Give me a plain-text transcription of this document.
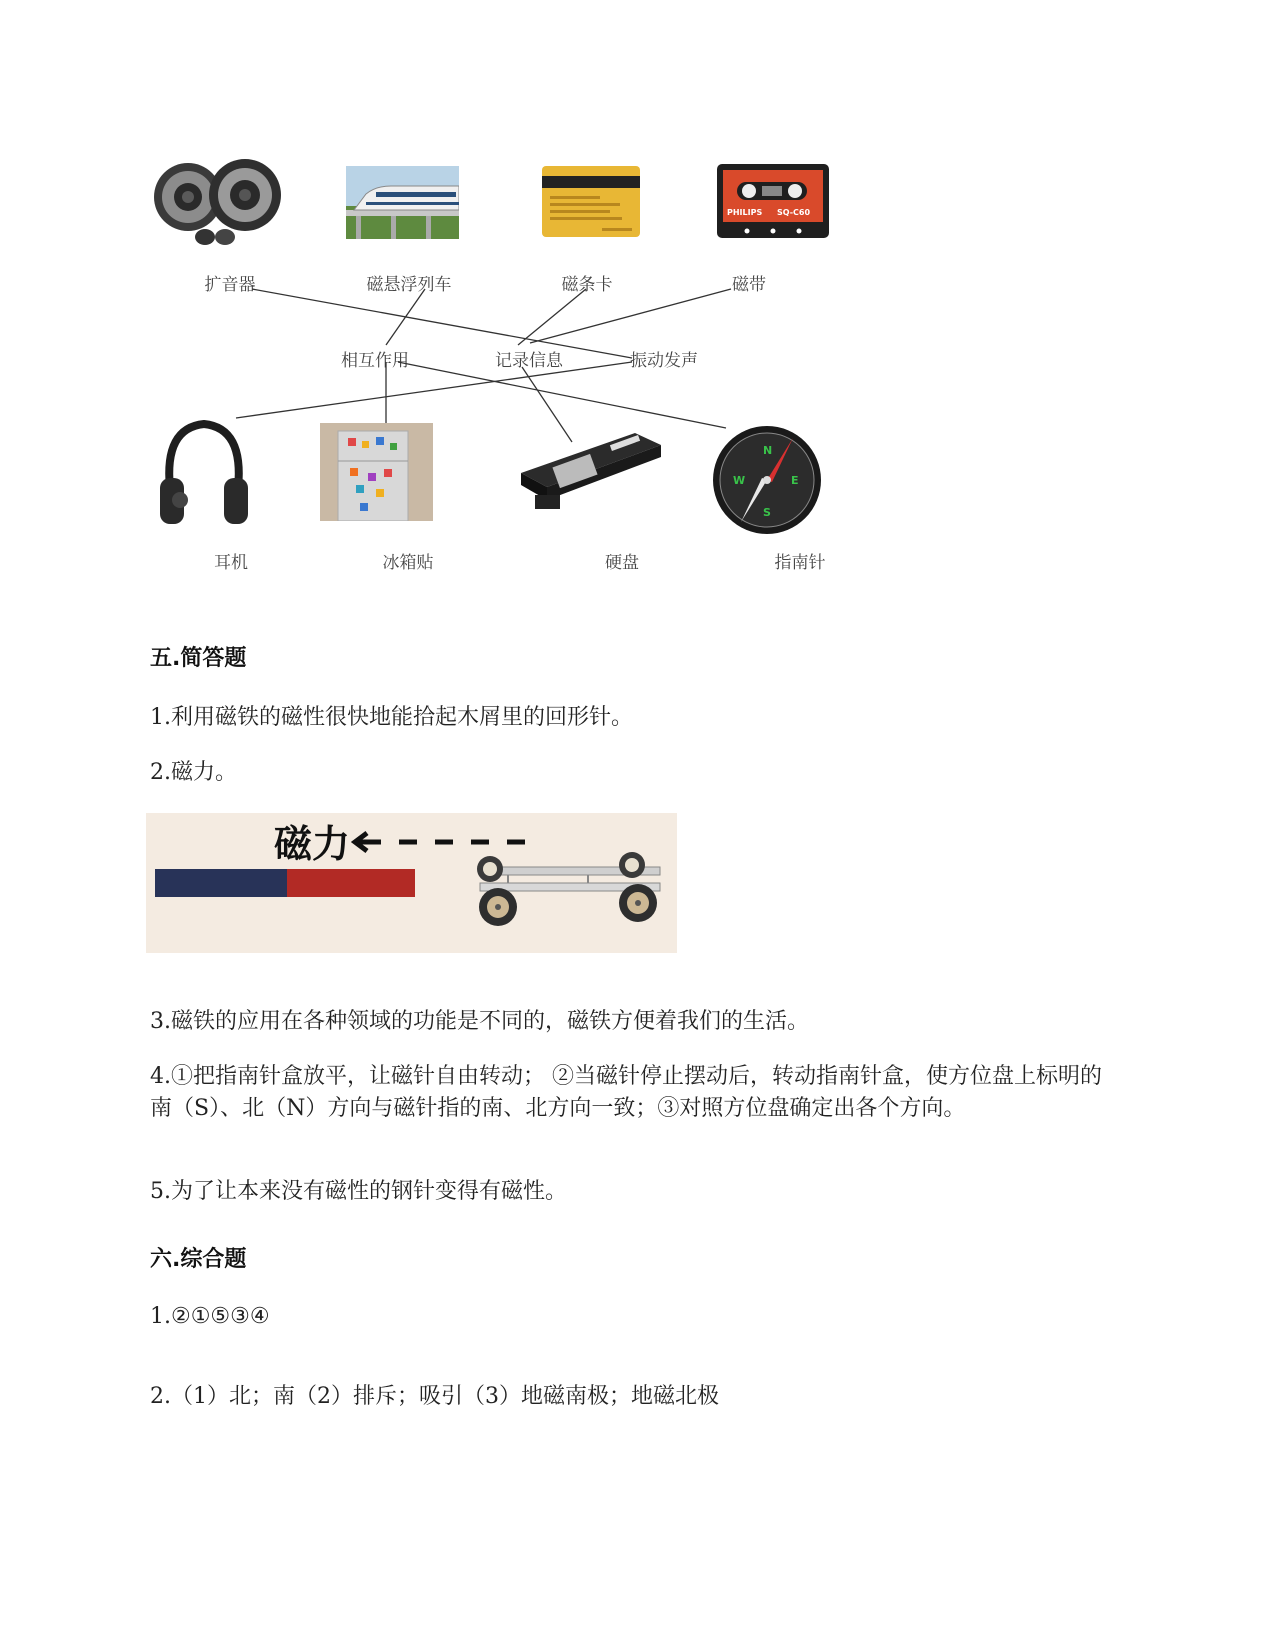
PHILIPS SQ-C60
扩音器	磁悬浮列车	磁条卡	磁带
相互作用	记录信息	振动发声
N
S
E
W
耳机	冰箱贴	硬盘	指南针
五.简答题
1.利用磁铁的磁性很快地能拾起木屑里的回形针。
2.磁力。
磁力
3.磁铁的应用在各种领域的功能是不同的，磁铁方便着我们的生活。
4.①把指南针盒放平，让磁针自由转动； ②当磁针停止摆动后，转动指南针盒，使方位盘上标明的南（S）、北（N）方向与磁针指的南、北方向一致；③对照方位盘确定出各个方向。
5.为了让本来没有磁性的钢针变得有磁性。
六.综合题
1.②①⑤③④
2.（1）北；南（2）排斥；吸引（3）地磁南极；地磁北极
